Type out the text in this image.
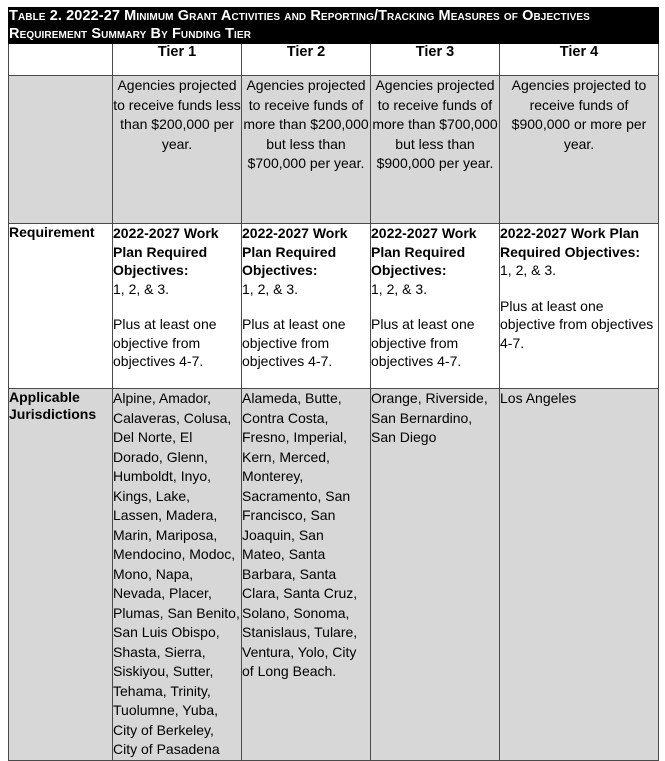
Table 2. 2022-27 Minimum Grant Activities and Reporting/Tracking Measures of Objectives
Requirement Summary By Funding Tier				

	Tier 1	Tier 2	Tier 3	Tier 4
	Agencies projected to receive funds less than $200,000 per year.	Agencies projected to receive funds of more than $200,000 but less than $700,000 per year.	Agencies projected to receive funds of more than $700,000 but less than $900,000 per year.	Agencies projected to receive funds of $900,000 or more per year.
Requirement	2022-2027 Work Plan Required Objectives:
1, 2, & 3.
Plus at least one objective from objectives 4-7.	2022-2027 Work Plan Required Objectives:
1, 2, & 3.
Plus at least one objective from objectives 4-7.	2022-2027 Work Plan Required Objectives:
1, 2, & 3.
Plus at least one objective from objectives 4-7.	2022-2027 Work Plan Required Objectives:
1, 2, & 3.
Plus at least one objective from objectives 4-7.

Applicable Jurisdictions	Alpine, Amador, Calaveras, Colusa, Del Norte, El Dorado, Glenn, Humboldt, Inyo, Kings, Lake, Lassen, Madera, Marin, Mariposa, Mendocino, Modoc, Mono, Napa, Nevada, Placer, Plumas, San Benito, San Luis Obispo, Shasta, Sierra, Siskiyou, Sutter, Tehama, Trinity, Tuolumne, Yuba, City of Berkeley, City of Pasadena	Alameda, Butte, Contra Costa, Fresno, Imperial, Kern, Merced, Monterey, Sacramento, San Francisco, San Joaquin, San Mateo, Santa Barbara, Santa Clara, Santa Cruz, Solano, Sonoma, Stanislaus, Tulare, Ventura, Yolo, City of Long Beach.	Orange, Riverside, San Bernardino, San Diego	Los Angeles
